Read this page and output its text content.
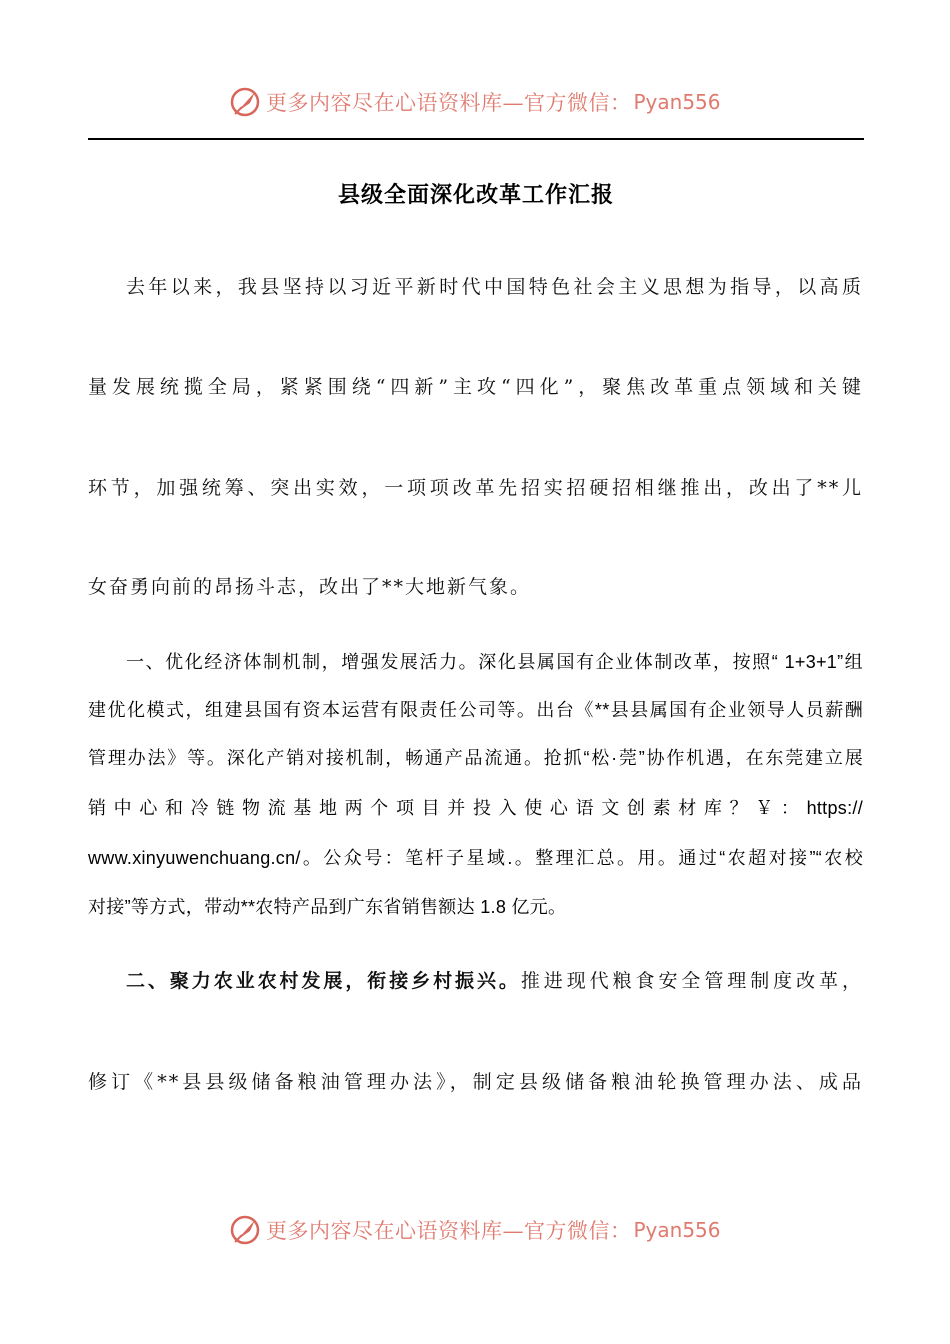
更多内容尽在心语资料库—官方微信： Pyan556
县级全面深化改革工作汇报
去年以来，我县坚持以习近平新时代中国特色社会主义思想为指导，以高质
量发展统揽全局，紧紧围绕“四新”主攻“四化”，聚焦改革重点领域和关键
环节，加强统筹、突出实效，一项项改革先招实招硬招相继推出，改出了**儿
女奋勇向前的昂扬斗志，改出了**大地新气象。
一、优化经济体制机制，增强发展活力。深化县属国有企业体制改革，按照“ 1+3+1”组
建优化模式，组建县国有资本运营有限责任公司等。出台《**县县属国有企业领导人员薪酬
管理办法》等。深化产销对接机制，畅通产品流通。抢抓“松·莞”协作机遇，在东莞建立展
销中心和冷链物流基地两个项目并投入使心语文创素材库？￥：https://
www.xinyuwenchuang.cn/。公众号：笔杆子星域.。整理汇总。用。通过“农超对接”“农校
对接”等方式，带动**农特产品到广东省销售额达 1.8 亿元。
二、聚力农业农村发展，衔接乡村振兴。推进现代粮食安全管理制度改革，
修订《**县县级储备粮油管理办法》，制定县级储备粮油轮换管理办法、成品
更多内容尽在心语资料库—官方微信： Pyan556
